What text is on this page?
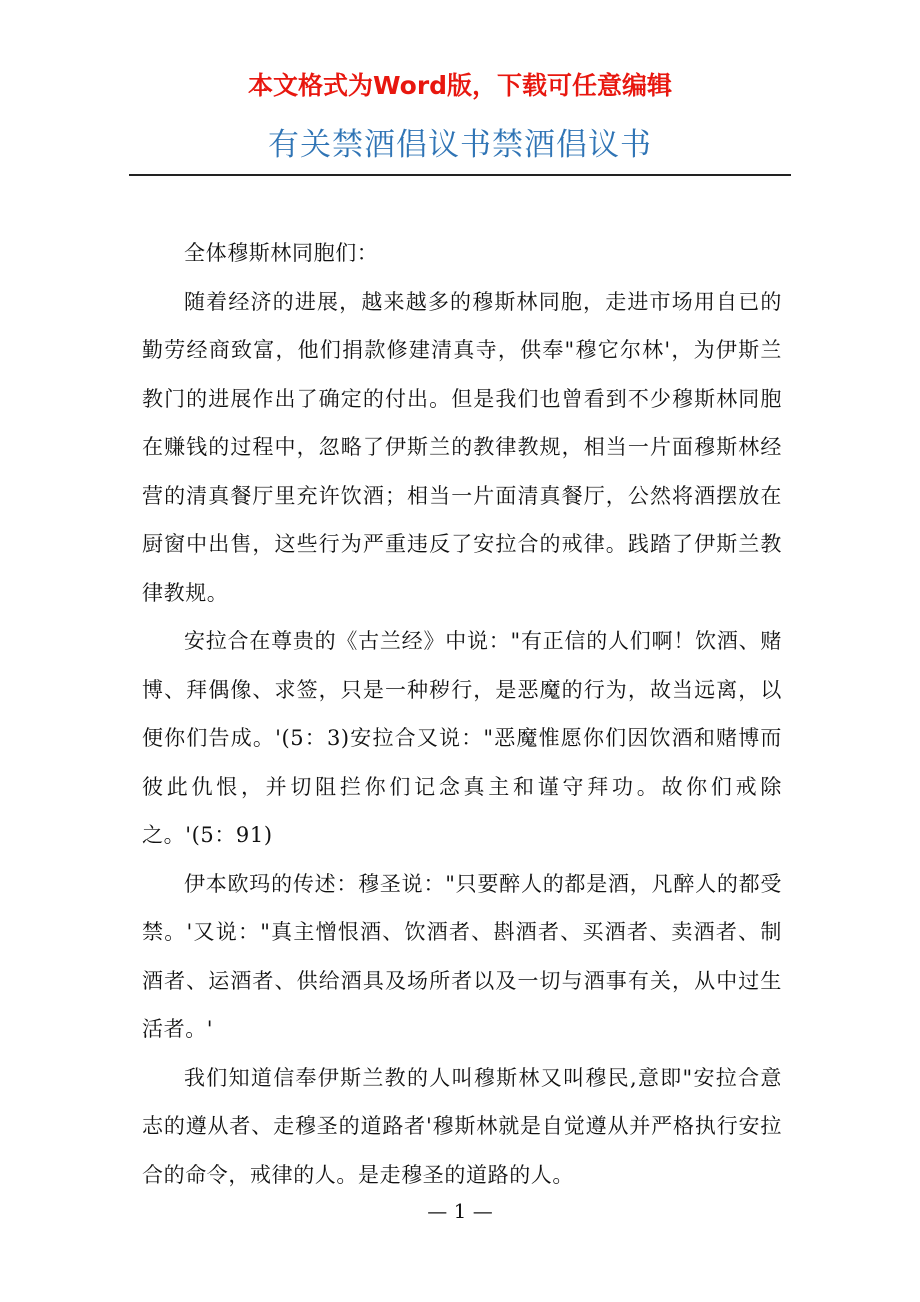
本文格式为Word版，下载可任意编辑
有关禁酒倡议书禁酒倡议书

全体穆斯林同胞们：

随着经济的进展，越来越多的穆斯林同胞，走进市场用自已的勤劳经商致富，他们捐款修建清真寺，供奉"穆它尔林'，为伊斯兰教门的进展作出了确定的付出。但是我们也曾看到不少穆斯林同胞在赚钱的过程中，忽略了伊斯兰的教律教规，相当一片面穆斯林经营的清真餐厅里充许饮酒；相当一片面清真餐厅，公然将酒摆放在厨窗中出售，这些行为严重违反了安拉合的戒律。践踏了伊斯兰教律教规。

安拉合在尊贵的《古兰经》中说："有正信的人们啊！饮酒、赌博、拜偶像、求签，只是一种秽行，是恶魔的行为，故当远离，以便你们告成。'(5：3)安拉合又说："恶魔惟愿你们因饮酒和赌博而彼此仇恨，并切阻拦你们记念真主和谨守拜功。故你们戒除之。'(5：91)

伊本欧玛的传述：穆圣说："只要醉人的都是酒，凡醉人的都受禁。'又说："真主憎恨酒、饮酒者、斟酒者、买酒者、卖酒者、制酒者、运酒者、供给酒具及场所者以及一切与酒事有关，从中过生活者。'

我们知道信奉伊斯兰教的人叫穆斯林又叫穆民,意即"安拉合意志的遵从者、走穆圣的道路者'穆斯林就是自觉遵从并严格执行安拉合的命令，戒律的人。是走穆圣的道路的人。

— 1 —
